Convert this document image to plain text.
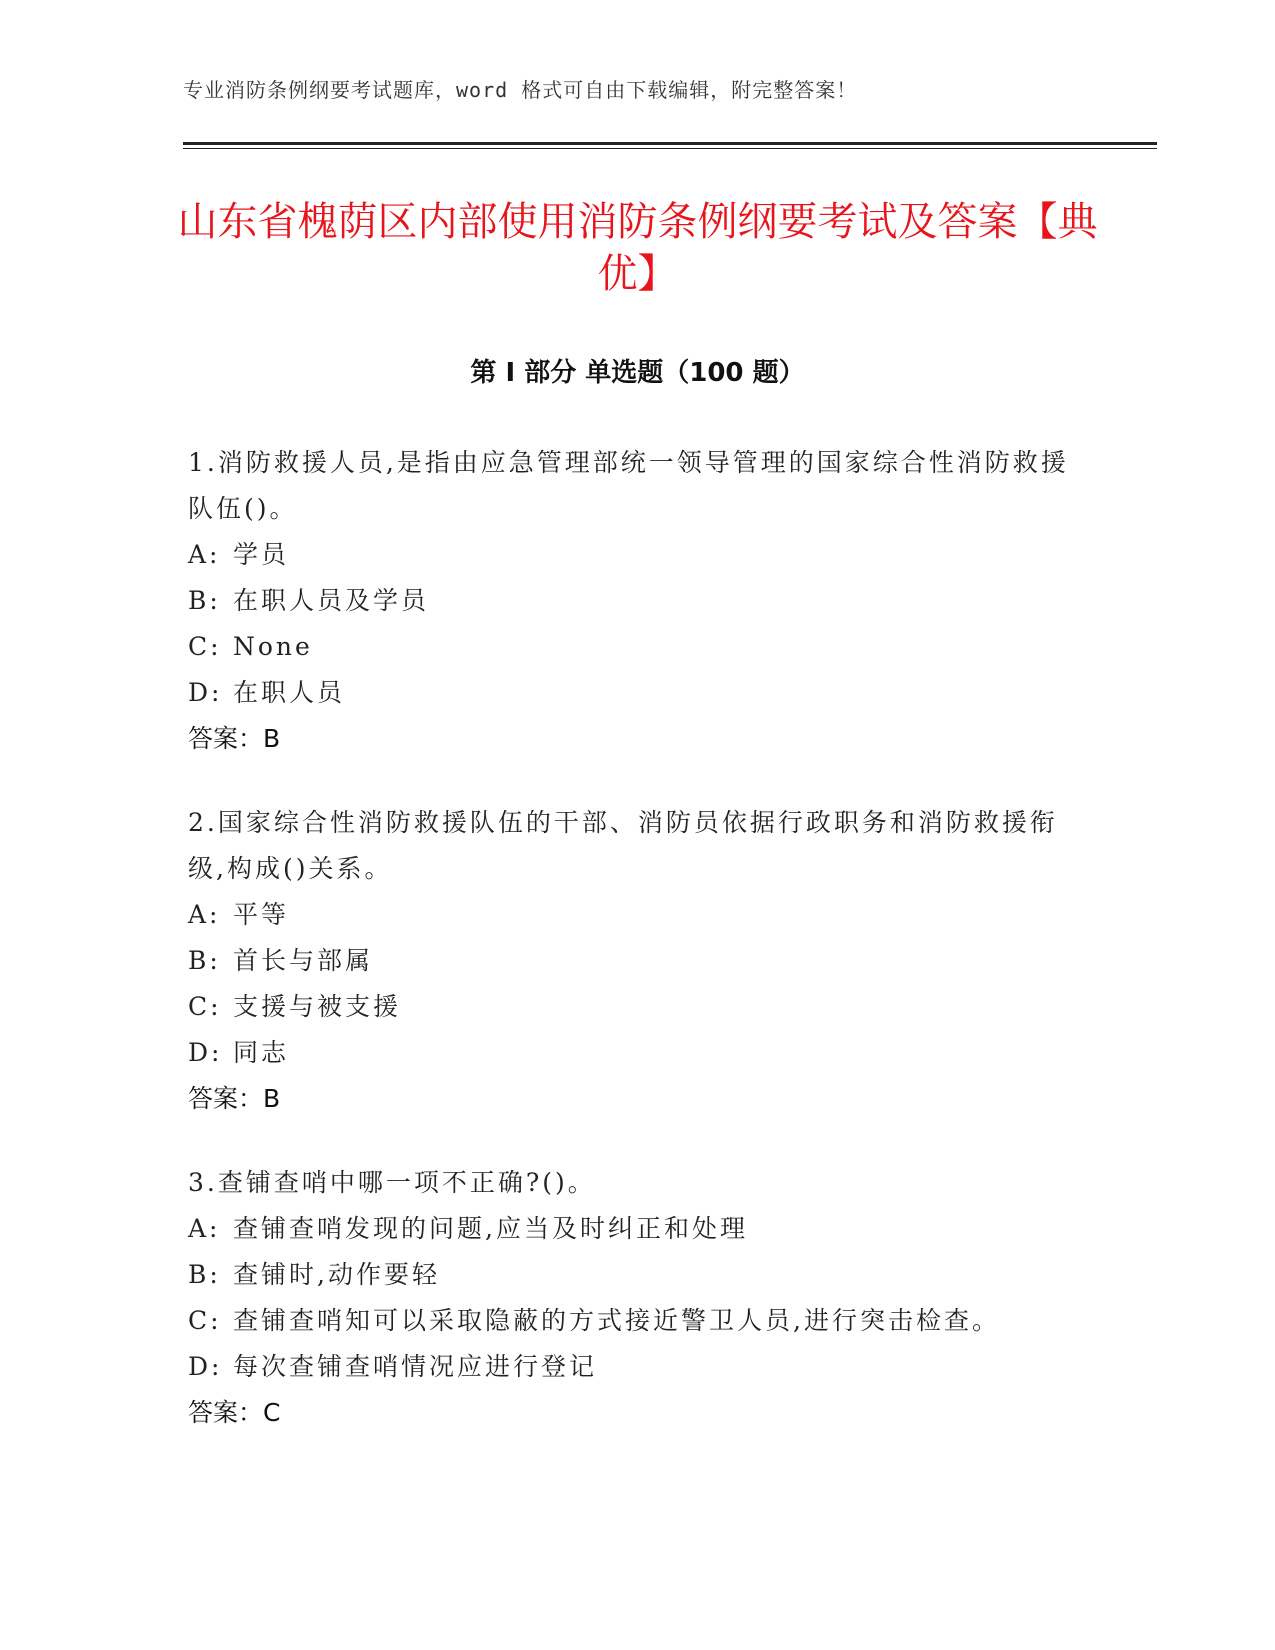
专业消防条例纲要考试题库，word 格式可自由下载编辑，附完整答案！
山东省槐荫区内部使用消防条例纲要考试及答案【典优】
第 I 部分 单选题（100 题）

1.消防救援人员,是指由应急管理部统一领导管理的国家综合性消防救援队伍()。

A: 学员
B: 在职人员及学员
C: None
D: 在职人员
答案：B

2.国家综合性消防救援队伍的干部、消防员依据行政职务和消防救援衔级,构成()关系。

A: 平等
B: 首长与部属
C: 支援与被支援
D: 同志
答案：B

3.查铺查哨中哪一项不正确?()。

A: 查铺查哨发现的问题,应当及时纠正和处理
B: 查铺时,动作要轻
C: 查铺查哨知可以采取隐蔽的方式接近警卫人员,进行突击检查。
D: 每次查铺查哨情况应进行登记
答案：C
